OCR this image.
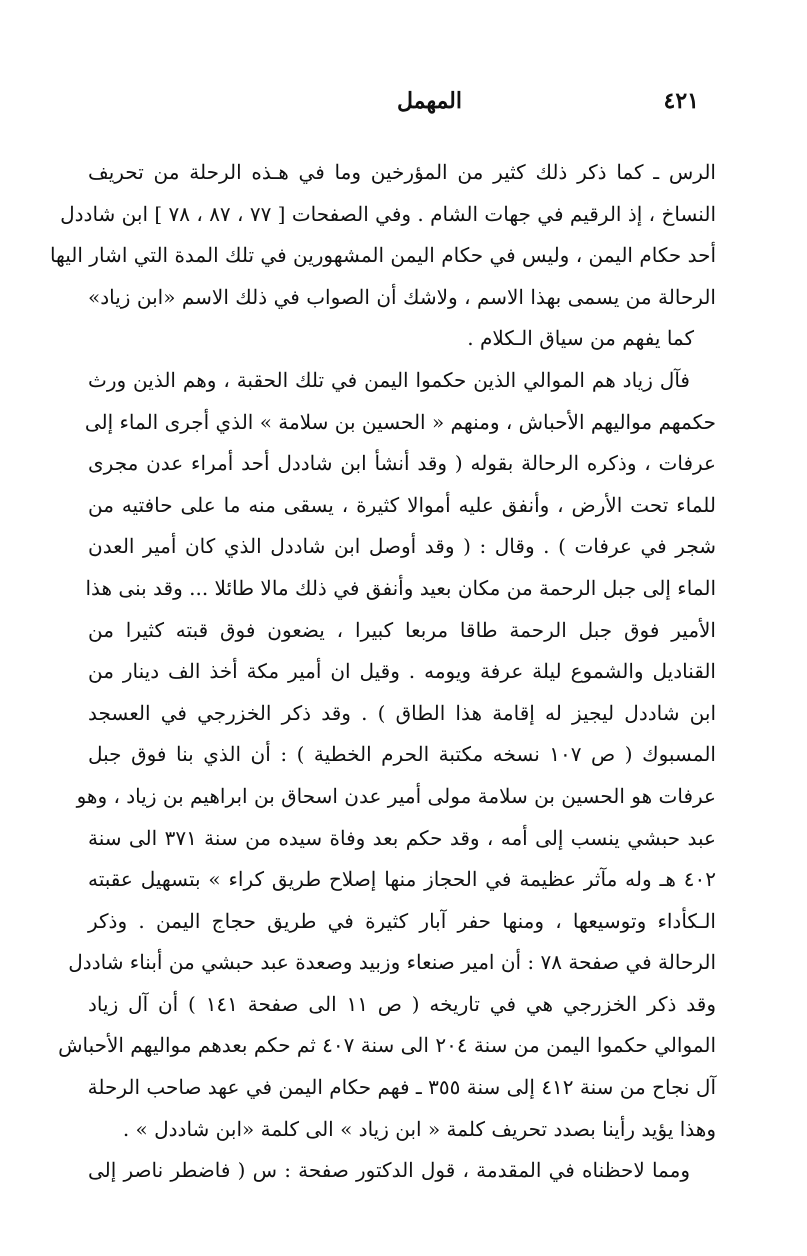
٤٢١
المهمل
الرس ـ كما ذكر ذلك كثير من المؤرخين وما في هـذه الرحلة من تحريف
النساخ ، إذ الرقيم في جهات الشام . وفي الصفحات [ ٧٧ ، ٨٧ ، ٧٨ ] ابن شاددل
أحد حكام اليمن ، وليس في حكام اليمن المشهورين في تلك المدة التي اشار اليها
الرحالة من يسمى بهذا الاسم ، ولاشك أن الصواب في ذلك الاسم «ابن زياد»
كما يفهم من سياق الـكلام .
فآل زياد هم الموالي الذين حكموا اليمن في تلك الحقبة ، وهم الذين ورث
حكمهم مواليهم الأحباش ، ومنهم « الحسين بن سلامة » الذي أجرى الماء إلى
عرفات ، وذكره الرحالة بقوله ( وقد أنشأ ابن شاددل أحد أمراء عدن مجرى
للماء تحت الأرض ، وأنفق عليه أموالا كثيرة ، يسقى منه ما على حافتيه من
شجر في عرفات ) . وقال : ( وقد أوصل ابن شاددل الذي كان أمير العدن
الماء إلى جبل الرحمة من مكان بعيد وأنفق في ذلك مالا طائلا ... وقد بنى هذا
الأمير فوق جبل الرحمة طاقا مربعا كبيرا ، يضعون فوق قبته كثيرا من
القناديل والشموع ليلة عرفة ويومه . وقيل ان أمير مكة أخذ الف دينار من
ابن شاددل ليجيز له إقامة هذا الطاق ) . وقد ذكر الخزرجي في العسجد
المسبوك ( ص ١٠٧ نسخه مكتبة الحرم الخطية ) : أن الذي بنا فوق جبل
عرفات هو الحسين بن سلامة مولى أمير عدن اسحاق بن ابراهيم بن زياد ، وهو
عبد حبشي ينسب إلى أمه ، وقد حكم بعد وفاة سيده من سنة ٣٧١ الى سنة
٤٠٢ هـ وله مآثر عظيمة في الحجاز منها إصلاح طريق كراء » بتسهيل عقبته
الـكأداء وتوسيعها ، ومنها حفر آبار كثيرة في طريق حجاج اليمن . وذكر
الرحالة في صفحة ٧٨ : أن امير صنعاء وزبيد وصعدة عبد حبشي من أبناء شاددل
وقد ذكر الخزرجي هي في تاريخه ( ص ١١ الى صفحة ١٤١ ) أن آل زياد
الموالي حكموا اليمن من سنة ٢٠٤ الى سنة ٤٠٧ ثم حكم بعدهم مواليهم الأحباش
آل نجاح من سنة ٤١٢ إلى سنة ٣٥٥ ـ فهم حكام اليمن في عهد صاحب الرحلة
وهذا يؤيد رأينا بصدد تحريف كلمة « ابن زياد » الى كلمة «ابن شاددل » .
ومما لاحظناه في المقدمة ، قول الدكتور صفحة : س ( فاضطر ناصر إلى
